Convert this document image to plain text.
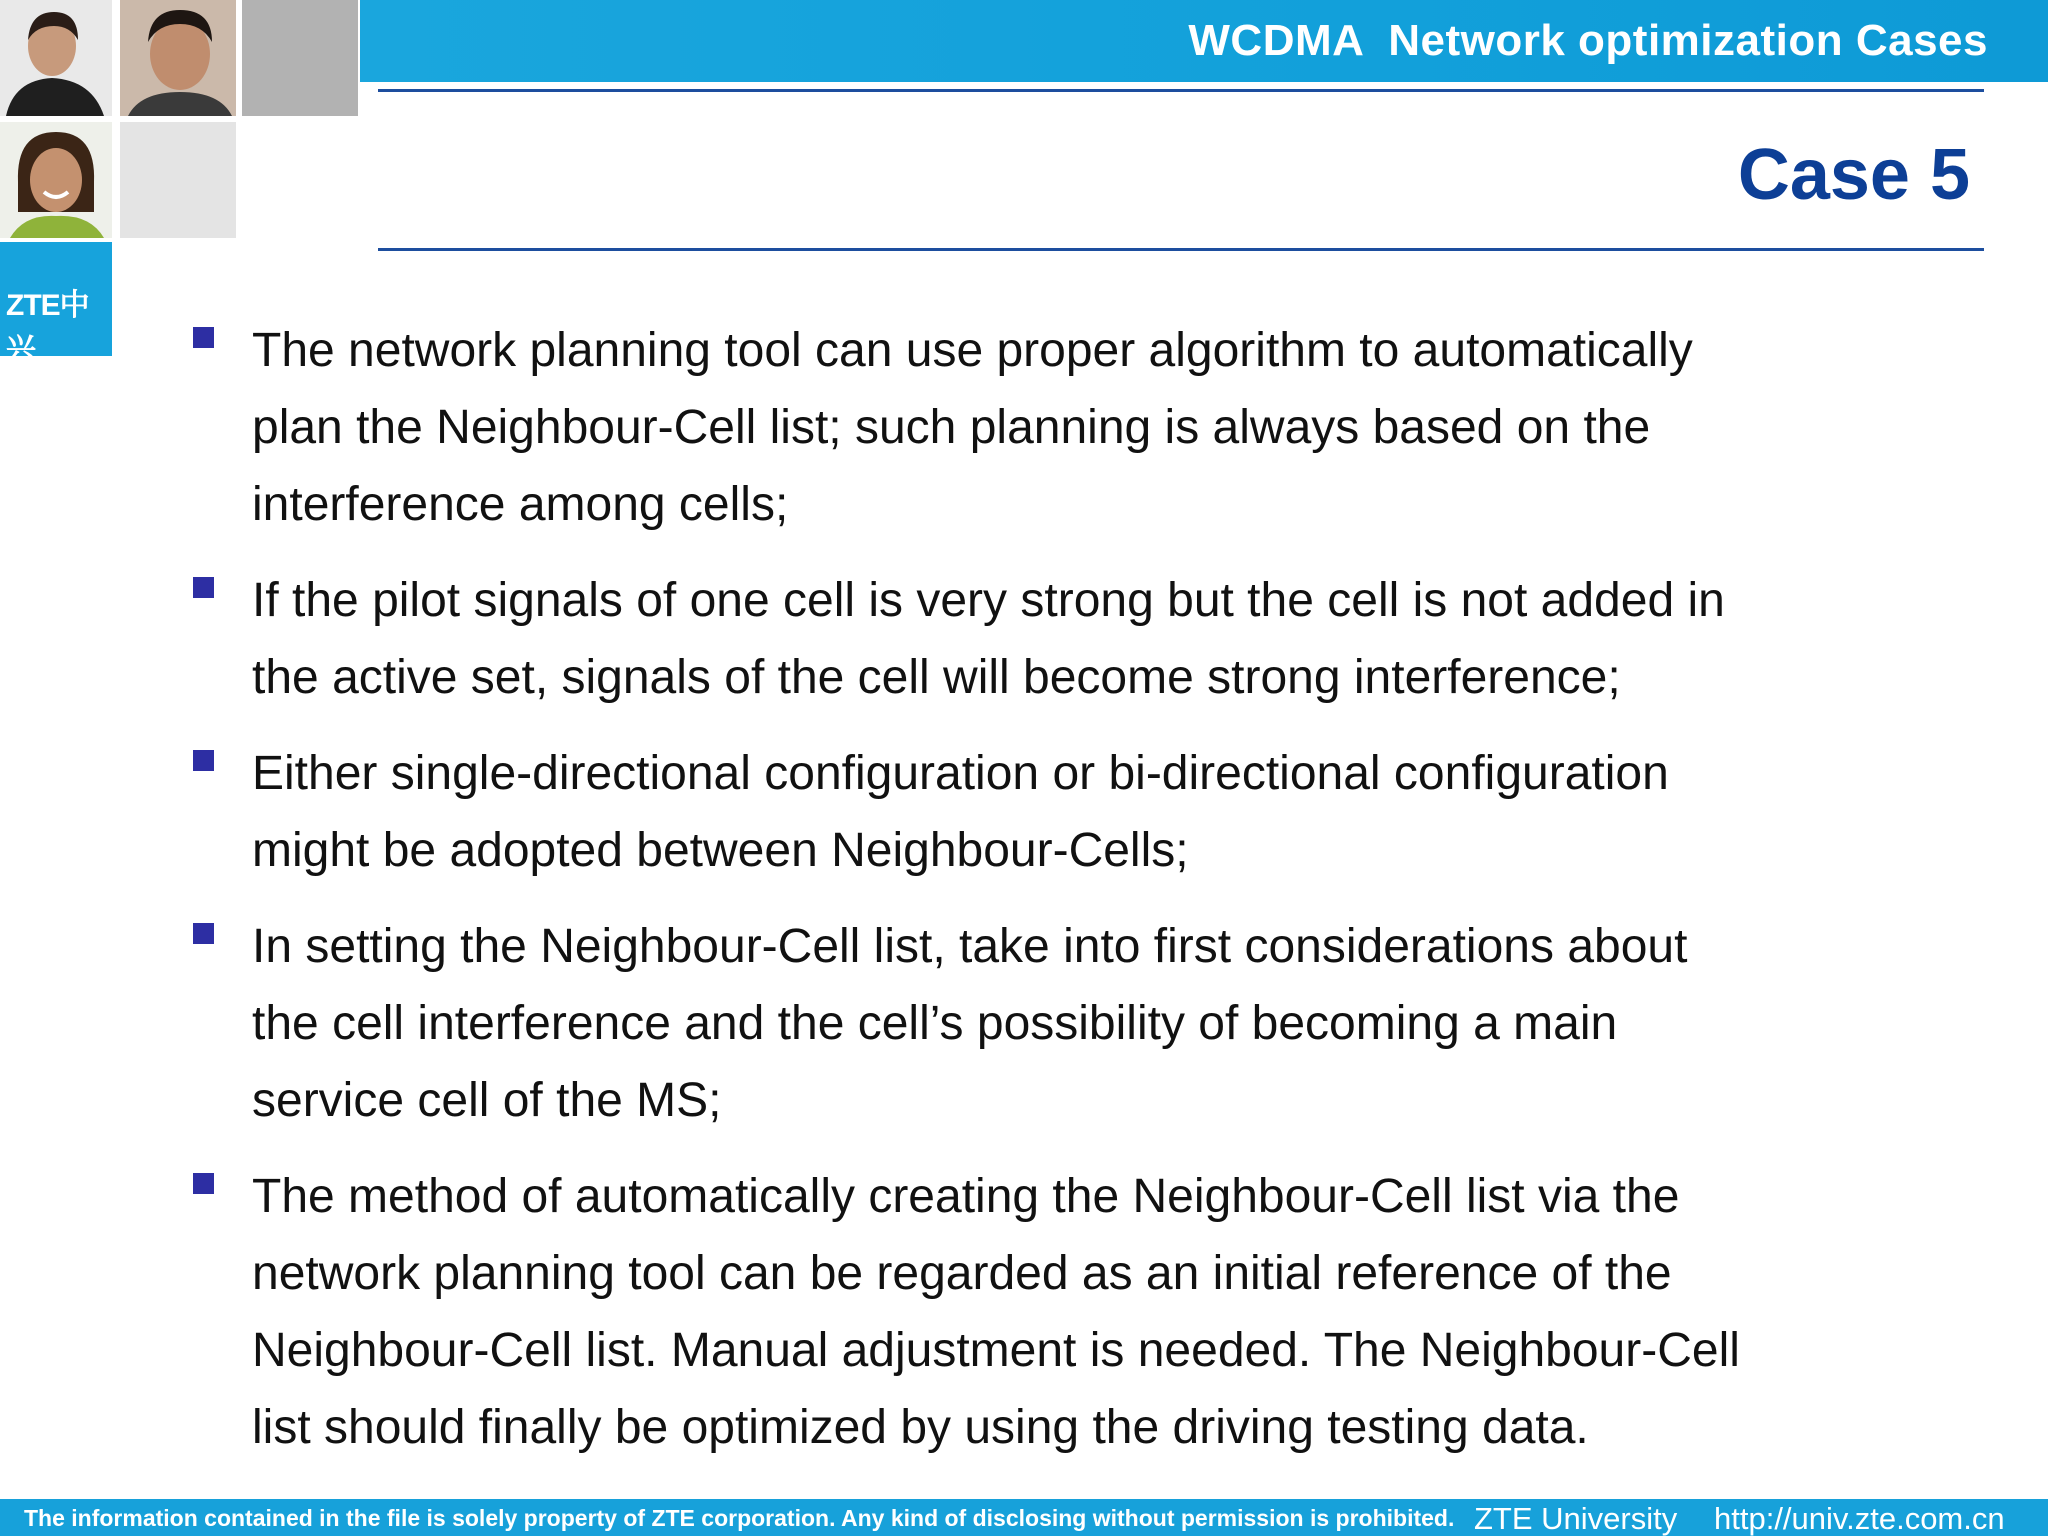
ZTE中兴
WCDMA  Network optimization Cases
Case 5
The network planning tool can use proper algorithm to automatically
plan the Neighbour-Cell list; such planning is always based on the
interference among cells;
If the pilot signals of one cell is very strong but the cell is not added in
the active set, signals of the cell will become strong interference;
Either single-directional configuration or bi-directional configuration
might be adopted between Neighbour-Cells;
In setting the Neighbour-Cell list, take into first considerations about
the cell interference and the cell’s possibility of becoming a main
service cell of the MS;
The method of automatically creating the Neighbour-Cell list via the
network planning tool can be regarded as an initial reference of the
Neighbour-Cell list. Manual adjustment is needed. The Neighbour-Cell
list should finally be optimized by using the driving testing data.
The information contained in the file is solely property of ZTE corporation. Any kind of disclosing without permission is prohibited. ZTE University http://univ.zte.com.cn
